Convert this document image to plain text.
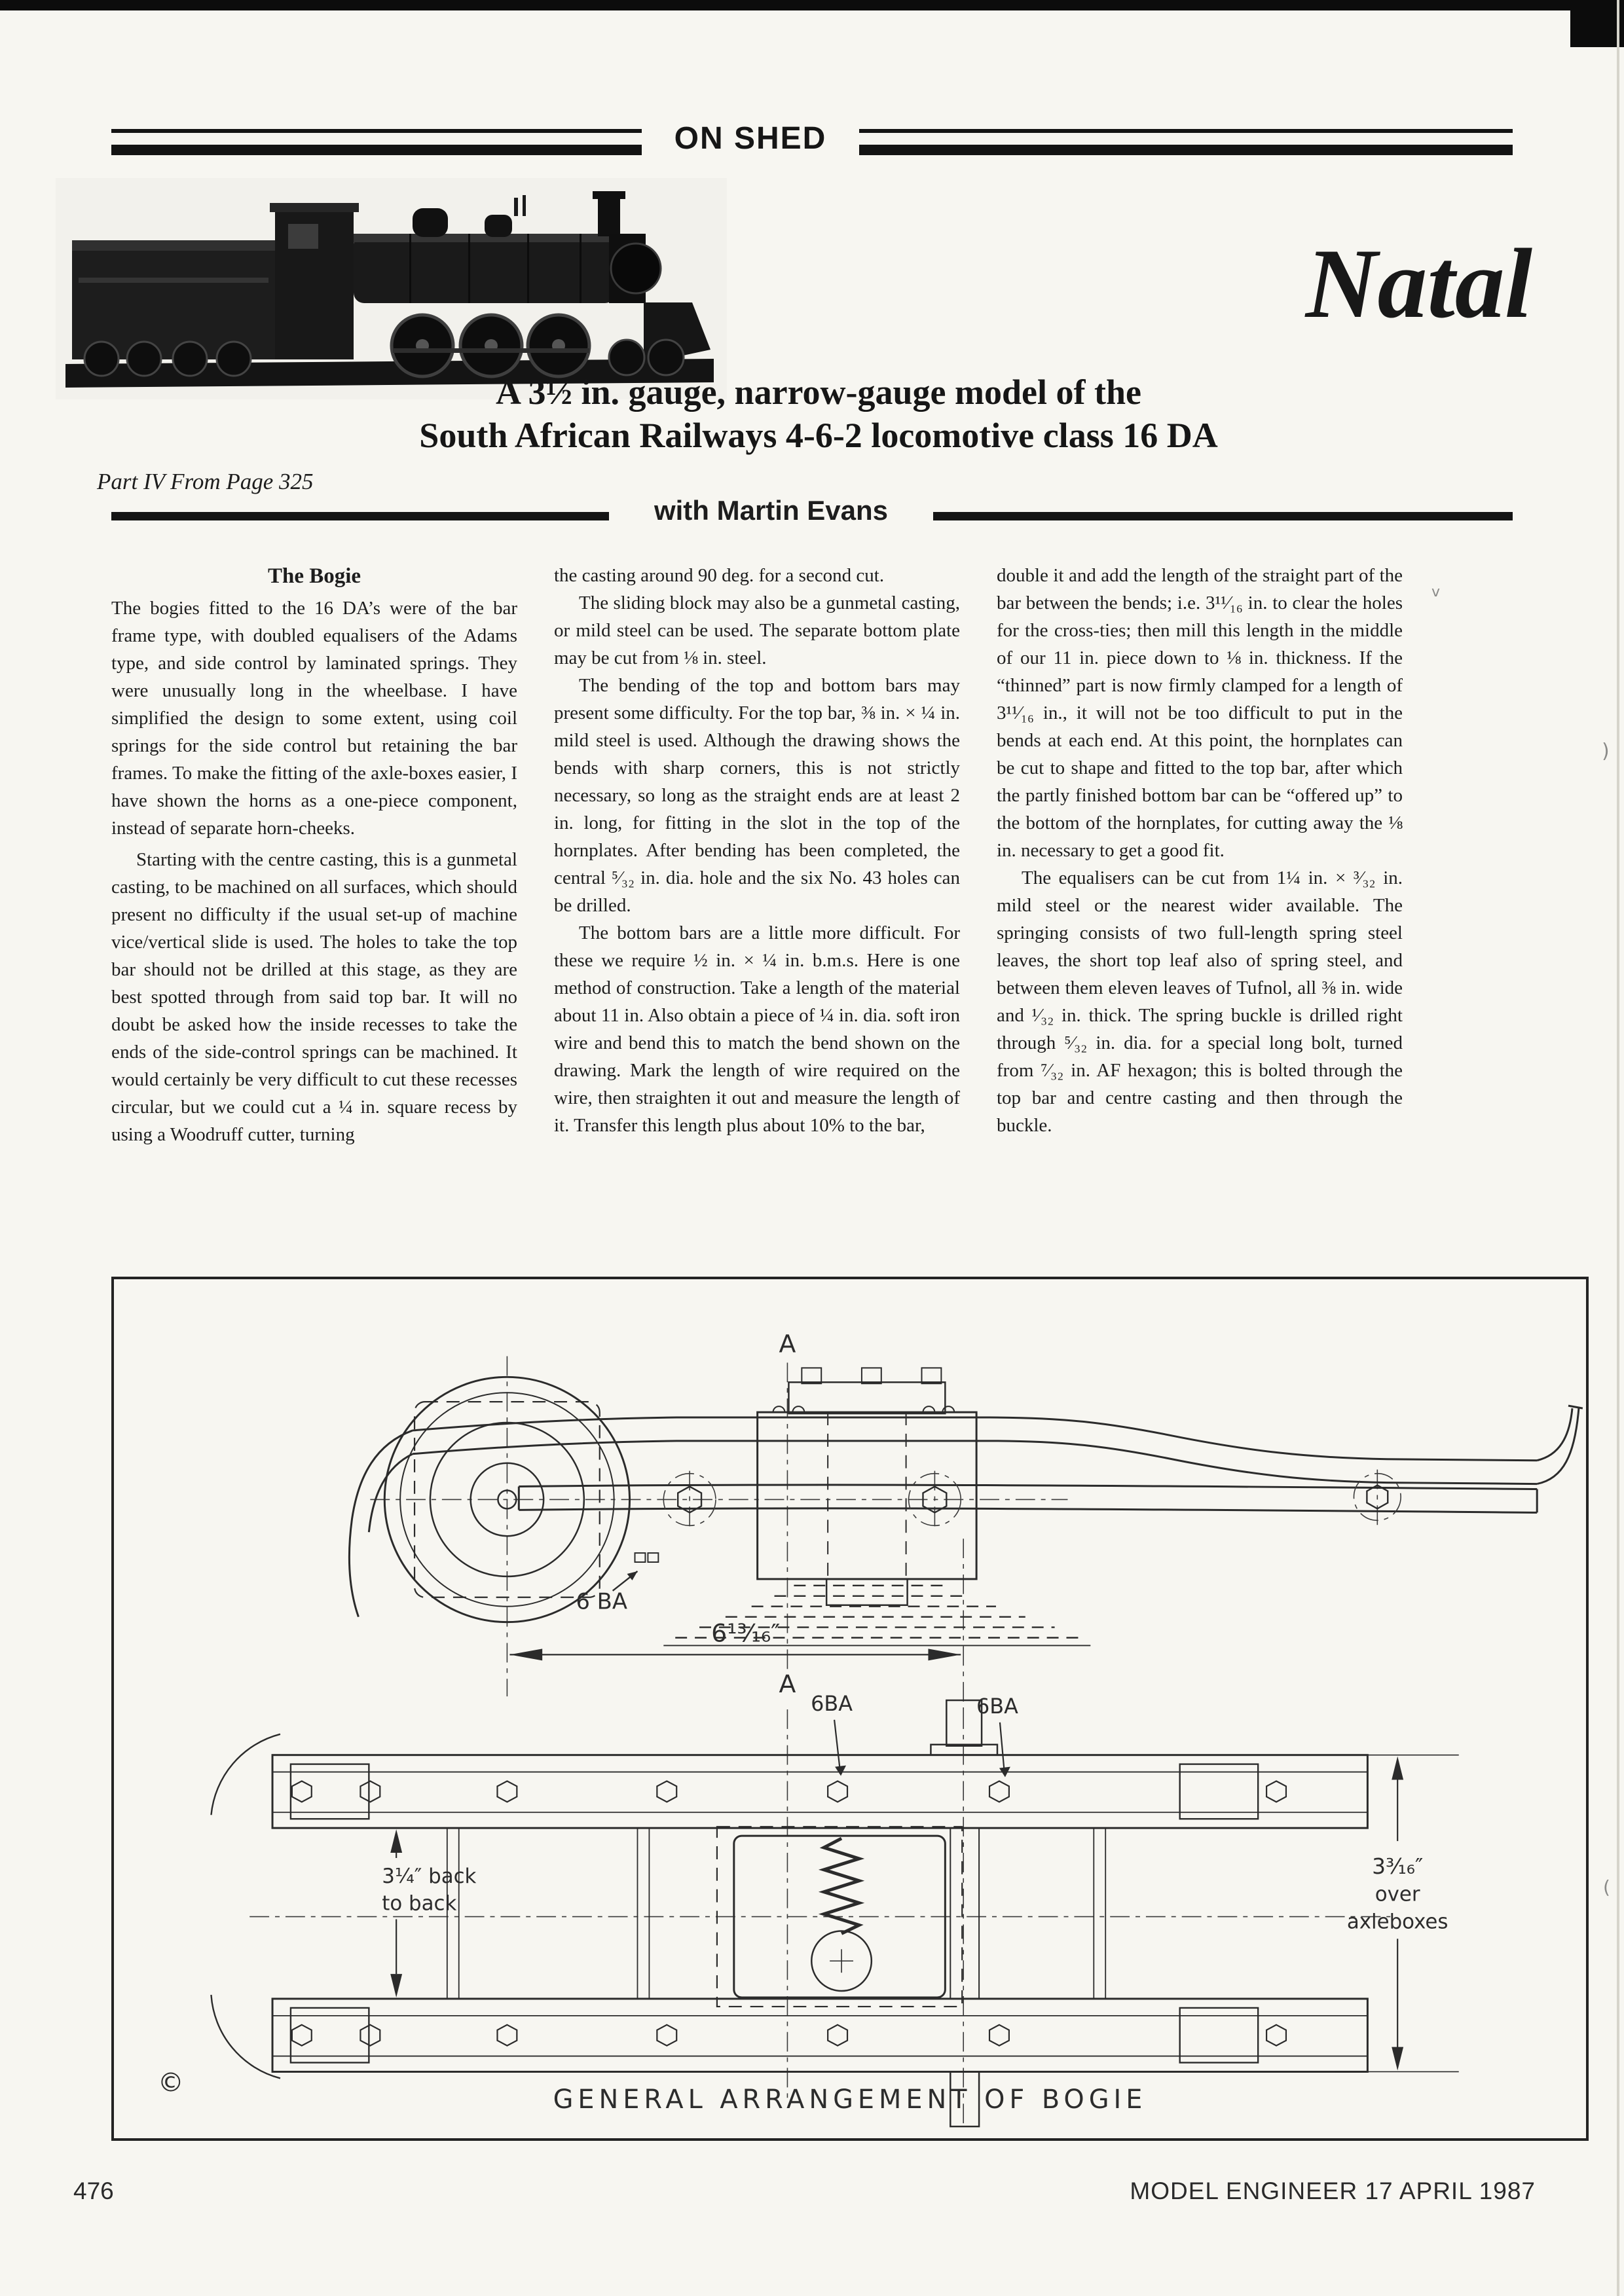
ON SHED
Natal
A 3½ in. gauge, narrow-gauge model of the
South African Railways 4-6-2 locomotive class 16 DA
Part IV From Page 325
with Martin Evans
The Bogie

The bogies fitted to the 16 DA’s were of the bar frame type, with doubled equalisers of the Adams type, and side control by laminated springs. They were unusually long in the wheelbase. I have simplified the design to some extent, using coil springs for the side control but retaining the bar frames. To make the fitting of the axle-boxes easier, I have shown the horns as a one-piece component, instead of separate horn-cheeks.

Starting with the centre casting, this is a gunmetal casting, to be machined on all surfaces, which should present no difficulty if the usual set-up of machine vice/vertical slide is used. The holes to take the top bar should not be drilled at this stage, as they are best spotted through from said top bar. It will no doubt be asked how the inside recesses to take the ends of the side-control springs can be machined. It would certainly be very difficult to cut these recesses circular, but we could cut a ¼ in. square recess by using a Woodruff cutter, turning

the casting around 90 deg. for a second cut.

The sliding block may also be a gunmetal casting, or mild steel can be used. The separate bottom plate may be cut from ⅛ in. steel.

The bending of the top and bottom bars may present some difficulty. For the top bar, ⅜ in. × ¼ in. mild steel is used. Although the drawing shows the bends with sharp corners, this is not strictly necessary, so long as the straight ends are at least 2 in. long, for fitting in the slot in the top of the hornplates. After bending has been completed, the central ⁵⁄₃₂ in. dia. hole and the six No. 43 holes can be drilled.

The bottom bars are a little more difficult. For these we require ½ in. × ¼ in. b.m.s. Here is one method of construction. Take a length of the material about 11 in. Also obtain a piece of ¼ in. dia. soft iron wire and bend this to match the bend shown on the drawing. Mark the length of wire required on the wire, then straighten it out and measure the length of it. Transfer this length plus about 10% to the bar,

double it and add the length of the straight part of the bar between the bends; i.e. 3¹¹⁄₁₆ in. to clear the holes for the cross-ties; then mill this length in the middle of our 11 in. piece down to ⅛ in. thickness. If the “thinned” part is now firmly clamped for a length of 3¹¹⁄₁₆ in., it will not be too difficult to put in the bends at each end. At this point, the hornplates can be cut to shape and fitted to the top bar, after which the partly finished bottom bar can be “offered up” to the bottom of the hornplates, for cutting away the ⅛ in. necessary to get a good fit.

The equalisers can be cut from 1¼ in. × ³⁄₃₂ in. mild steel or the nearest wider available. The springing consists of two full-length spring steel leaves, the short top leaf also of spring steel, and between them eleven leaves of Tufnol, all ⅜ in. wide and ¹⁄₃₂ in. thick. The spring buckle is drilled right through ⁵⁄₃₂ in. dia. for a special long bolt, turned from ⁷⁄₃₂ in. AF hexagon; this is bolted through the top bar and centre casting and then through the buckle.

A
A
6 BA
6¹³⁄₁₆″
6BA	6BA
3¼″ back
to back
3³⁄₁₆″
over
axleboxes
GENERAL ARRANGEMENT OF BOGIE
©
v
)
(
476	MODEL ENGINEER 17 APRIL 1987
